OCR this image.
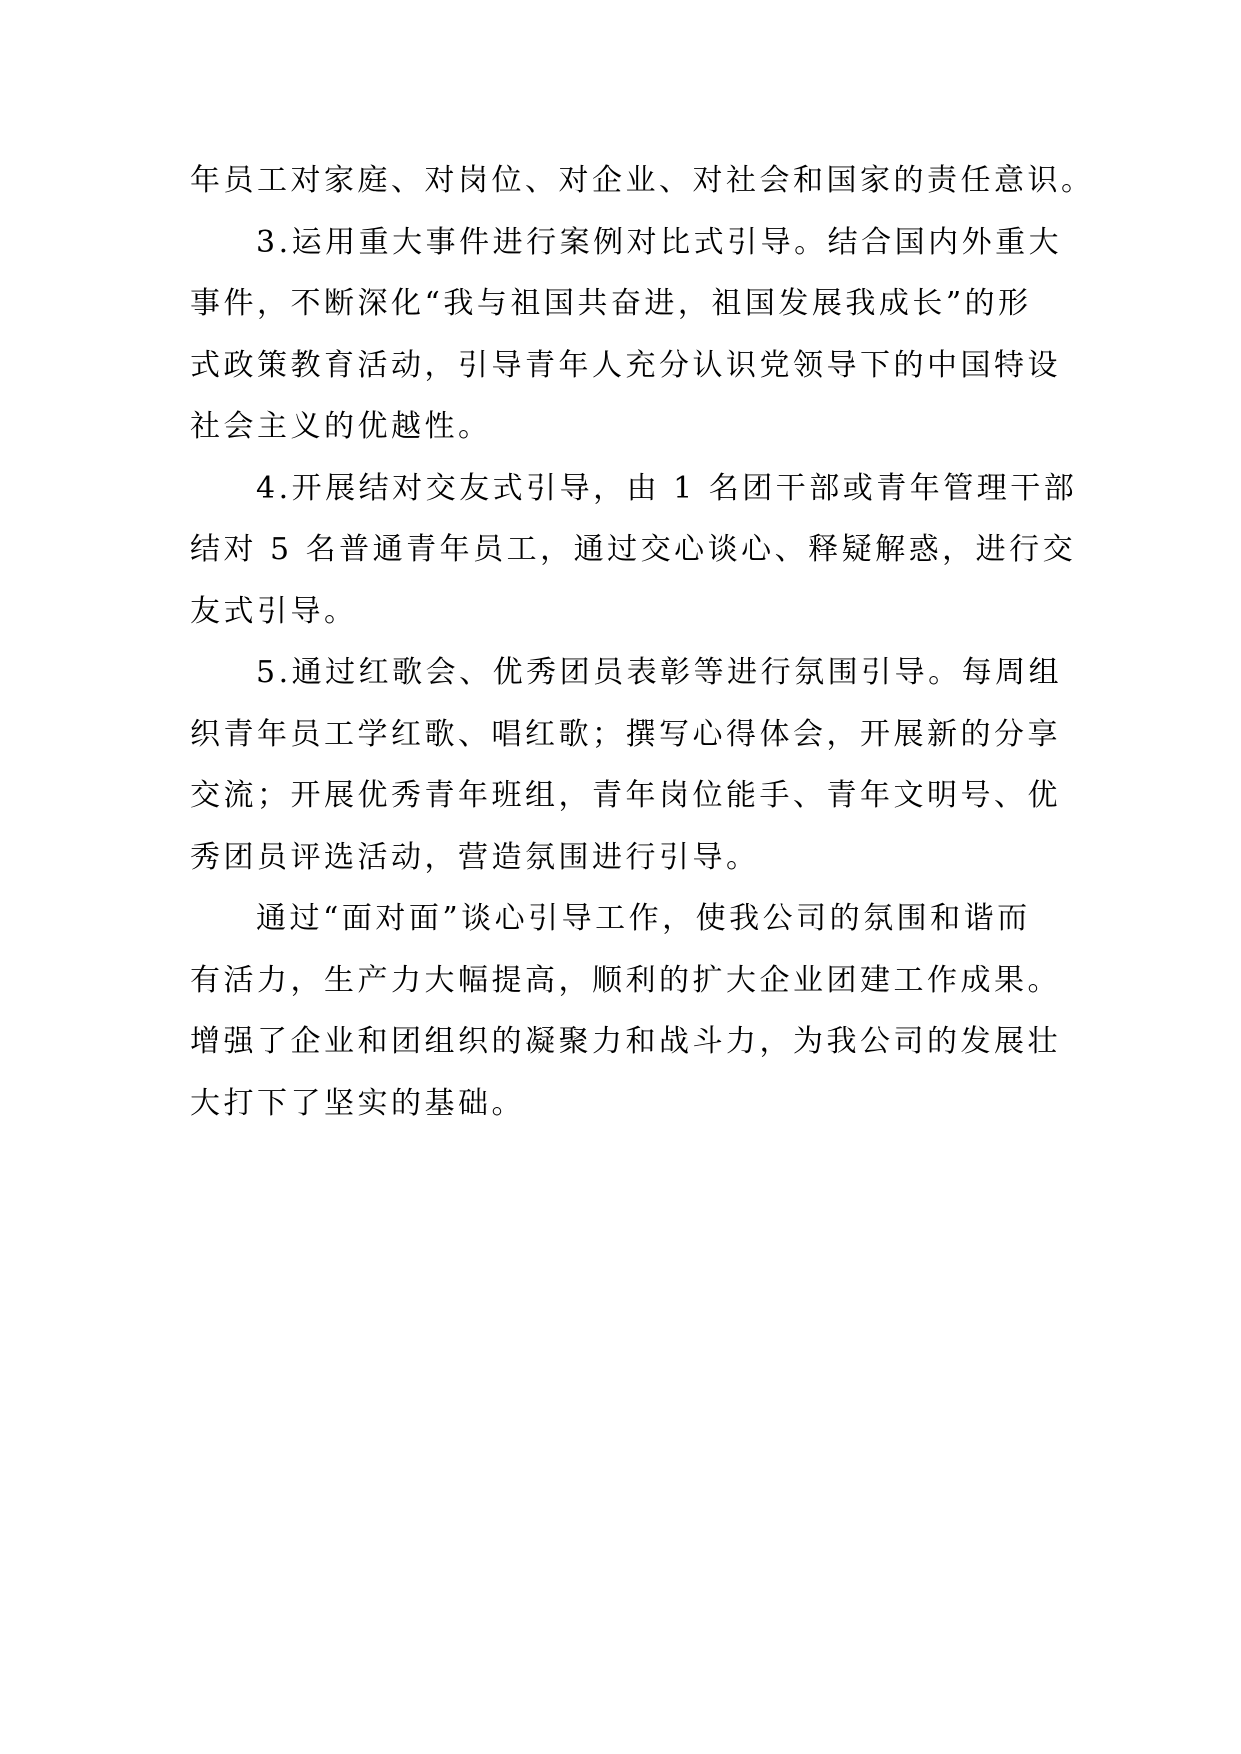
年员工对家庭、对岗位、对企业、对社会和国家的责任意识。
3.运用重大事件进行案例对比式引导。结合国内外重大
事件，不断深化“我与祖国共奋进，祖国发展我成长”的形
式政策教育活动，引导青年人充分认识党领导下的中国特设
社会主义的优越性。
4.开展结对交友式引导，由 1 名团干部或青年管理干部
结对 5 名普通青年员工，通过交心谈心、释疑解惑，进行交
友式引导。
5.通过红歌会、优秀团员表彰等进行氛围引导。每周组
织青年员工学红歌、唱红歌；撰写心得体会，开展新的分享
交流；开展优秀青年班组，青年岗位能手、青年文明号、优
秀团员评选活动，营造氛围进行引导。
通过“面对面”谈心引导工作，使我公司的氛围和谐而
有活力，生产力大幅提高，顺利的扩大企业团建工作成果。
增强了企业和团组织的凝聚力和战斗力，为我公司的发展壮
大打下了坚实的基础。
